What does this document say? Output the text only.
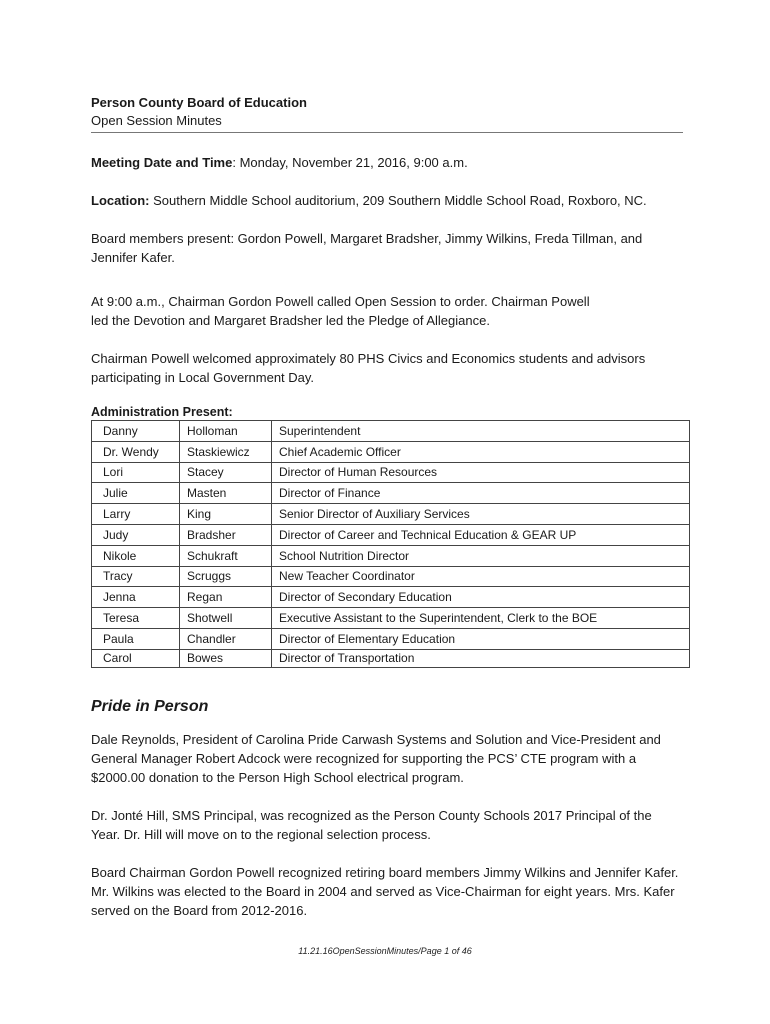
Person County Board of Education
Open Session Minutes

Meeting Date and Time: Monday, November 21, 2016, 9:00 a.m.

Location: Southern Middle School auditorium, 209 Southern Middle School Road, Roxboro, NC.

Board members present: Gordon Powell, Margaret Bradsher, Jimmy Wilkins, Freda Tillman, and Jennifer Kafer.

At 9:00 a.m., Chairman Gordon Powell called Open Session to order. Chairman Powell
led the Devotion and Margaret Bradsher led the Pledge of Allegiance.

Chairman Powell welcomed approximately 80 PHS Civics and Economics students and advisors participating in Local Government Day.

Administration Present:
Danny	Holloman	Superintendent
Dr. Wendy	Staskiewicz	Chief Academic Officer
Lori	Stacey	Director of Human Resources
Julie	Masten	Director of Finance
Larry	King	Senior Director of Auxiliary Services
Judy	Bradsher	Director of Career and Technical Education & GEAR UP
Nikole	Schukraft	School Nutrition Director
Tracy	Scruggs	New Teacher Coordinator
Jenna	Regan	Director of Secondary Education
Teresa	Shotwell	Executive Assistant to the Superintendent, Clerk to the BOE
Paula	Chandler	Director of Elementary Education
Carol	Bowes	Director of Transportation
Pride in Person

Dale Reynolds, President of Carolina Pride Carwash Systems and Solution and Vice-President and General Manager Robert Adcock were recognized for supporting the PCS’ CTE program with a $2000.00 donation to the Person High School electrical program.

Dr. Jonté Hill, SMS Principal, was recognized as the Person County Schools 2017 Principal of the Year. Dr. Hill will move on to the regional selection process.

Board Chairman Gordon Powell recognized retiring board members Jimmy Wilkins and Jennifer Kafer. Mr. Wilkins was elected to the Board in 2004 and served as Vice-Chairman for eight years. Mrs. Kafer served on the Board from 2012-2016.

11.21.16OpenSessionMinutes/Page 1 of 46
